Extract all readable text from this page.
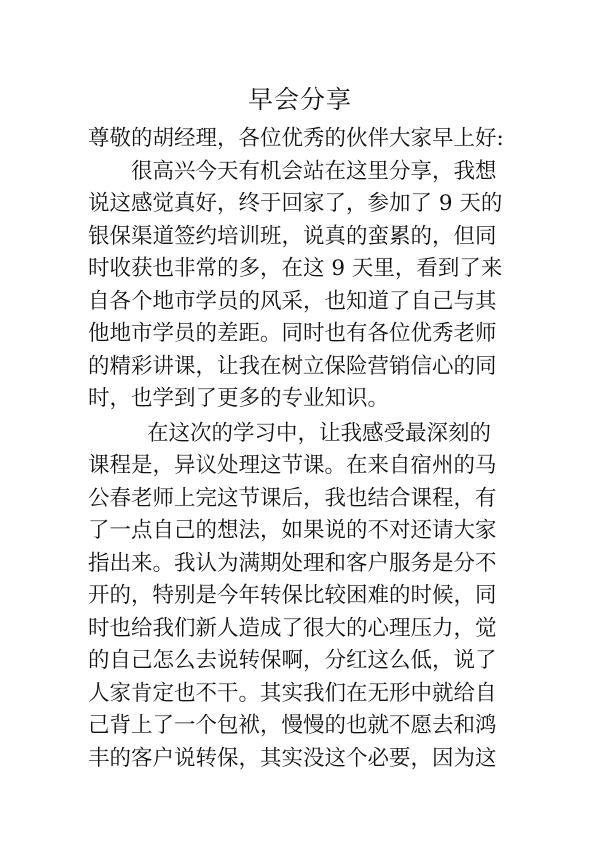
早会分享
尊敬的胡经理，各位优秀的伙伴大家早上好:
很高兴今天有机会站在这里分享，我想
说这感觉真好，终于回家了，参加了 9 天的
银保渠道签约培训班，说真的蛮累的，但同
时收获也非常的多，在这 9 天里，看到了来
自各个地市学员的风采，也知道了自己与其
他地市学员的差距。同时也有各位优秀老师
的精彩讲课，让我在树立保险营销信心的同
时，也学到了更多的专业知识。
在这次的学习中，让我感受最深刻的
课程是，异议处理这节课。在来自宿州的马
公春老师上完这节课后，我也结合课程，有
了一点自己的想法，如果说的不对还请大家
指出来。我认为满期处理和客户服务是分不
开的，特别是今年转保比较困难的时候，同
时也给我们新人造成了很大的心理压力，觉
的自己怎么去说转保啊，分红这么低，说了
人家肯定也不干。其实我们在无形中就给自
己背上了一个包袱，慢慢的也就不愿去和鸿
丰的客户说转保，其实没这个必要，因为这
